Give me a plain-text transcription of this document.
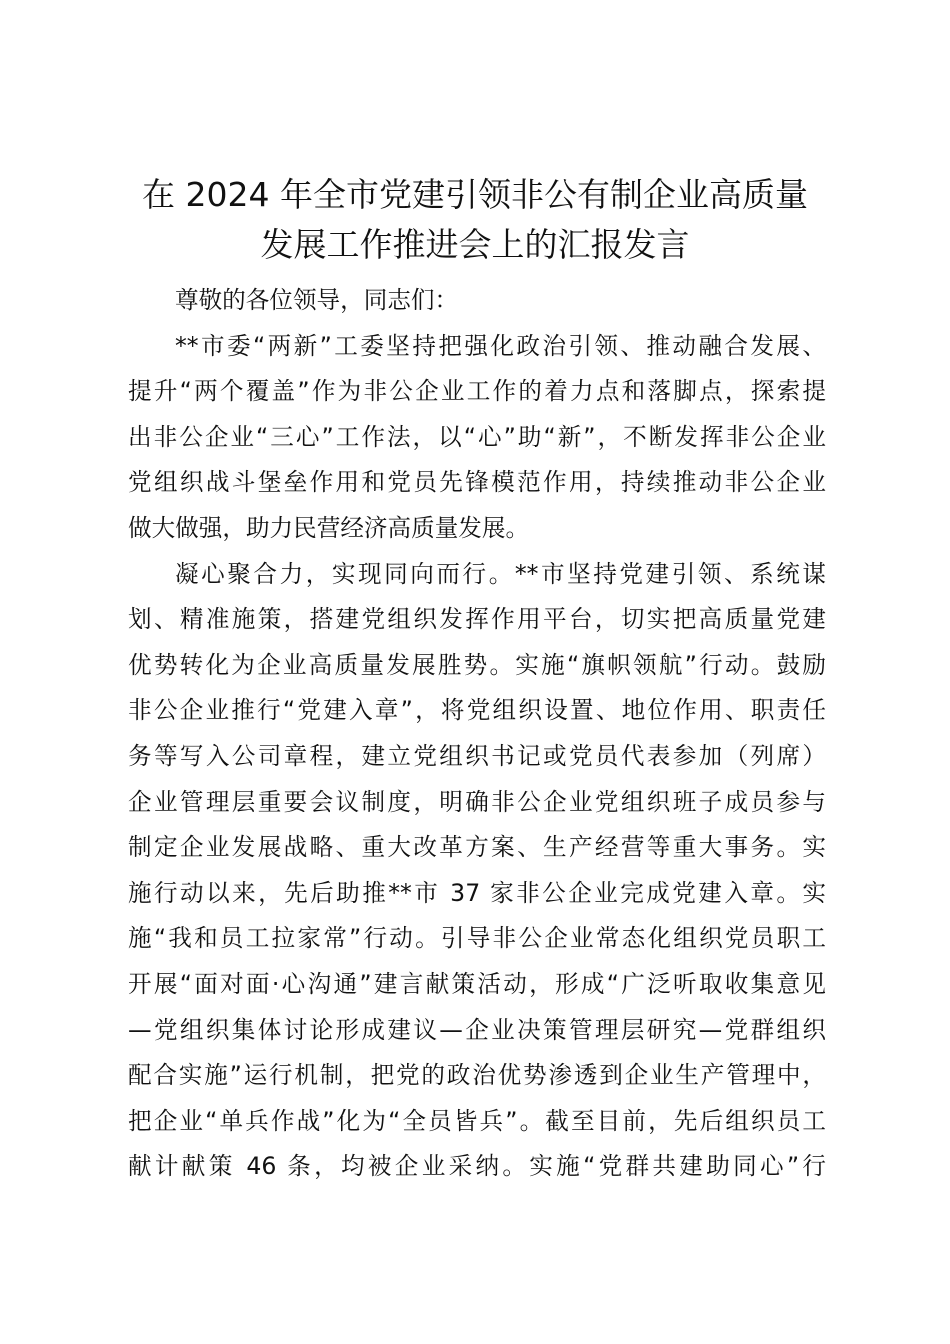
在 2024 年全市党建引领非公有制企业高质量
发展工作推进会上的汇报发言
尊敬的各位领导，同志们：
**市委“两新”工委坚持把强化政治引领、推动融合发展、
提升“两个覆盖”作为非公企业工作的着力点和落脚点，探索提
出非公企业“三心”工作法，以“心”助“新”，不断发挥非公企业
党组织战斗堡垒作用和党员先锋模范作用，持续推动非公企业
做大做强，助力民营经济高质量发展。
凝心聚合力，实现同向而行。**市坚持党建引领、系统谋
划、精准施策，搭建党组织发挥作用平台，切实把高质量党建
优势转化为企业高质量发展胜势。实施“旗帜领航”行动。鼓励
非公企业推行“党建入章”，将党组织设置、地位作用、职责任
务等写入公司章程，建立党组织书记或党员代表参加（列席）
企业管理层重要会议制度，明确非公企业党组织班子成员参与
制定企业发展战略、重大改革方案、生产经营等重大事务。实
施行动以来，先后助推**市 37 家非公企业完成党建入章。实
施“我和员工拉家常”行动。引导非公企业常态化组织党员职工
开展“面对面·心沟通”建言献策活动，形成“广泛听取收集意见
—党组织集体讨论形成建议—企业决策管理层研究—党群组织
配合实施”运行机制，把党的政治优势渗透到企业生产管理中，
把企业“单兵作战”化为“全员皆兵”。截至目前，先后组织员工
献计献策 46 条，均被企业采纳。实施“党群共建助同心”行
